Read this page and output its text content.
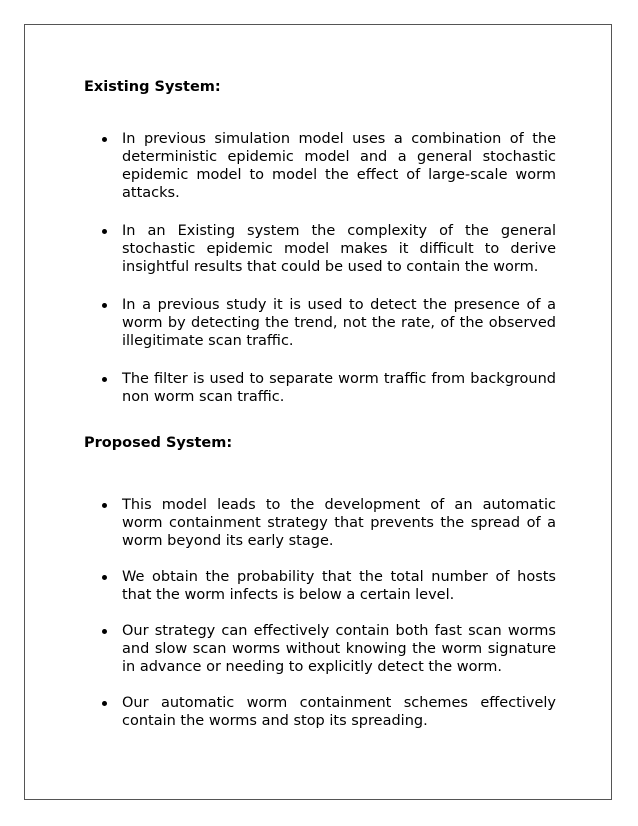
Existing System:
In previous simulation model uses a combination of the deterministic epidemic model and a general stochastic epidemic model to model the effect of large-scale worm attacks.
In an Existing system the complexity of the general stochastic epidemic model makes it difficult to derive insightful results that could be used to contain the worm.
In a previous study it is used to detect the presence of a worm by detecting the trend, not the rate, of the observed illegitimate scan traffic.
The filter is used to separate worm traffic from background non worm scan traffic.
Proposed System:
This model leads to the development of an automatic worm containment strategy that prevents the spread of a worm beyond its early stage.
We obtain the probability that the total number of hosts that the worm infects is below a certain level.
Our strategy can effectively contain both fast scan worms and slow scan worms without knowing the worm signature in advance or needing to explicitly detect the worm.
Our automatic worm containment schemes effectively contain the worms and stop its spreading.
